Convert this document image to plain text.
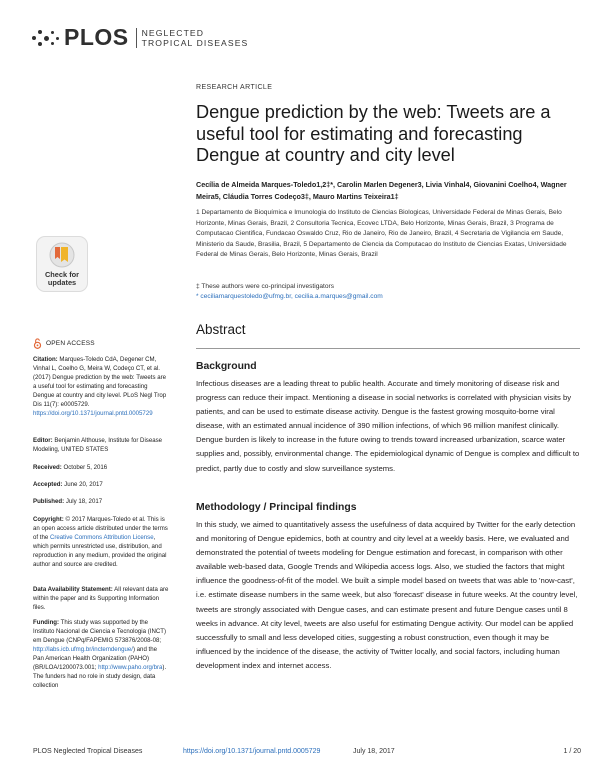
PLOS NEGLECTED
TROPICAL DISEASES
RESEARCH ARTICLE
Dengue prediction by the web: Tweets are a useful tool for estimating and forecasting Dengue at country and city level
Cecília de Almeida Marques-Toledo1,2‡*, Carolin Marlen Degener3, Livia Vinhal4, Giovanini Coelho4, Wagner Meira5, Cláudia Torres Codeço3‡, Mauro Martins Teixeira1‡
1 Departamento de Bioquímica e Imunologia do Instituto de Ciencias Biologicas, Universidade Federal de Minas Gerais, Belo Horizonte, Minas Gerais, Brazil, 2 Consultoria Tecnica, Ecovec LTDA, Belo Horizonte, Minas Gerais, Brazil, 3 Programa de Computacao Cientifica, Fundacao Oswaldo Cruz, Rio de Janeiro, Rio de Janeiro, Brazil, 4 Secretaria de Vigilancia em Saude, Ministerio da Saude, Brasilia, Brazil, 5 Departamento de Ciencia da Computacao do Instituto de Ciencias Exatas, Universidade Federal de Minas Gerais, Belo Horizonte, Minas Gerais, Brazil
‡ These authors were co-principal investigators
* ceciliamarquestoledo@ufmg.br, cecilia.a.marques@gmail.com
Check for
updates
OPEN ACCESS
Citation: Marques-Toledo CdA, Degener CM, Vinhal L, Coelho G, Meira W, Codeço CT, et al. (2017) Dengue prediction by the web: Tweets are a useful tool for estimating and forecasting Dengue at country and city level. PLoS Negl Trop Dis 11(7): e0005729. https://doi.org/10.1371/journal.pntd.0005729
Editor: Benjamin Althouse, Institute for Disease Modeling, UNITED STATES
Received: October 5, 2016
Accepted: June 20, 2017
Published: July 18, 2017
Copyright: © 2017 Marques-Toledo et al. This is an open access article distributed under the terms of the Creative Commons Attribution License, which permits unrestricted use, distribution, and reproduction in any medium, provided the original author and source are credited.
Data Availability Statement: All relevant data are within the paper and its Supporting Information files.
Funding: This study was supported by the Instituto Nacional de Ciencia e Tecnologia (INCT) em Dengue (CNPq/FAPEMIG 573876/2008-08; http://labs.icb.ufmg.br/inctemdengue/) and the Pan American Health Organization (PAHO) (BR/LOA/1200073.001; http://www.paho.org/bra). The funders had no role in study design, data collection
Abstract
Background

Infectious diseases are a leading threat to public health. Accurate and timely monitoring of disease risk and progress can reduce their impact. Mentioning a disease in social networks is correlated with physician visits by patients, and can be used to estimate disease activity. Dengue is the fastest growing mosquito-borne viral disease, with an estimated annual incidence of 390 million infections, of which 96 million manifest clinically. Dengue burden is likely to increase in the future owing to trends toward increased urbanization, scarce water supplies and, possibly, environmental change. The epidemiological dynamic of Dengue is complex and difficult to predict, partly due to costly and slow surveillance systems.

Methodology / Principal findings

In this study, we aimed to quantitatively assess the usefulness of data acquired by Twitter for the early detection and monitoring of Dengue epidemics, both at country and city level at a weekly basis. Here, we evaluated and demonstrated the potential of tweets modeling for Dengue estimation and forecast, in comparison with other available web-based data, Google Trends and Wikipedia access logs. Also, we studied the factors that might influence the goodness-of-fit of the model. We built a simple model based on tweets that was able to 'now-cast', i.e. estimate disease numbers in the same week, but also 'forecast' disease in future weeks. At the country level, tweets are strongly associated with Dengue cases, and can estimate present and future Dengue cases until 8 weeks in advance. At city level, tweets are also useful for estimating Dengue activity. Our model can be applied successfully to small and less developed cities, suggesting a robust construction, even though it may be influenced by the incidence of the disease, the activity of Twitter locally, and social factors, including human development index and internet access.

PLOS Neglected Tropical Diseases	https://doi.org/10.1371/journal.pntd.0005729	July 18, 2017	1 / 20
